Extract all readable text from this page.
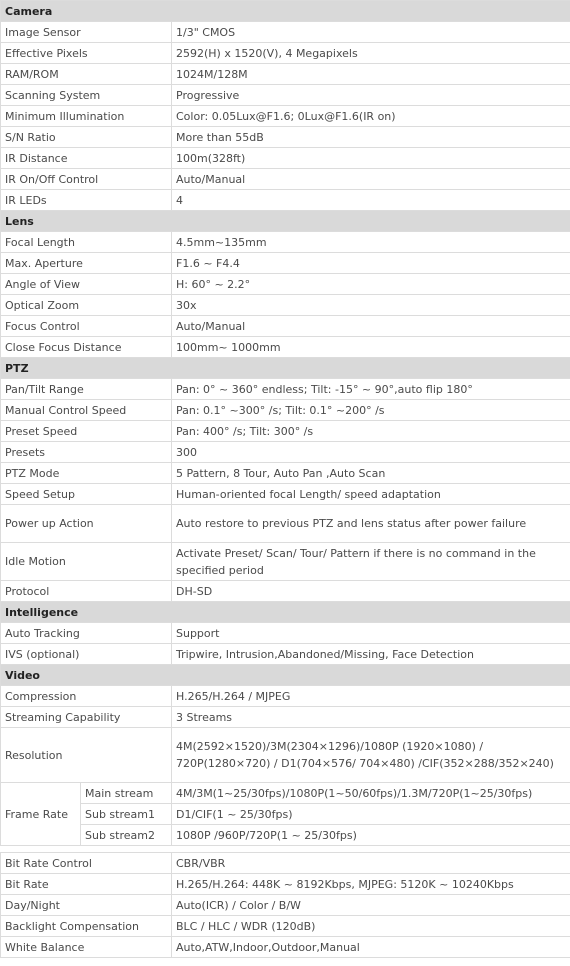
Camera		
Image Sensor		1/3" CMOS
Effective Pixels		2592(H) x 1520(V), 4 Megapixels
RAM/ROM		1024M/128M
Scanning System		Progressive
Minimum Illumination		Color: 0.05Lux@F1.6; 0Lux@F1.6(IR on)
S/N Ratio		More than 55dB
IR Distance		100m(328ft)
IR On/Off Control		Auto/Manual
IR LEDs		4
Lens		
Focal Length		4.5mm~135mm
Max. Aperture		F1.6 ~ F4.4
Angle of View		H: 60° ~ 2.2°
Optical Zoom		30x
Focus Control		Auto/Manual
Close Focus Distance		100mm~ 1000mm
PTZ		
Pan/Tilt Range		Pan: 0° ~ 360° endless; Tilt: -15° ~ 90°,auto flip 180°
Manual Control Speed		Pan: 0.1° ~300° /s; Tilt: 0.1° ~200° /s
Preset Speed		Pan: 400° /s; Tilt: 300° /s
Presets		300
PTZ Mode		5 Pattern, 8 Tour, Auto Pan ,Auto Scan
Speed Setup		Human-oriented focal Length/ speed adaptation
Power up Action		Auto restore to previous PTZ and lens status after power failure
Idle Motion		Activate Preset/ Scan/ Tour/ Pattern if there is no command in the specified period
Protocol		DH-SD
Intelligence		
Auto Tracking		Support
IVS (optional)		Tripwire, Intrusion,Abandoned/Missing, Face Detection
Video		
Compression		H.265/H.264 / MJPEG
Streaming Capability		3 Streams
Resolution		4M(2592×1520)/3M(2304×1296)/1080P (1920×1080) / 720P(1280×720) / D1(704×576/ 704×480) /CIF(352×288/352×240)
Frame Rate	Main stream	4M/3M(1~25/30fps)/1080P(1~50/60fps)/1.3M/720P(1~25/30fps)
	Sub stream1	D1/CIF(1 ~ 25/30fps)
	Sub stream2	1080P /960P/720P(1 ~ 25/30fps)

Bit Rate Control		CBR/VBR
Bit Rate		H.265/H.264: 448K ~ 8192Kbps, MJPEG: 5120K ~ 10240Kbps
Day/Night		Auto(ICR) / Color / B/W
Backlight Compensation		BLC / HLC / WDR (120dB)
White Balance		Auto,ATW,Indoor,Outdoor,Manual
